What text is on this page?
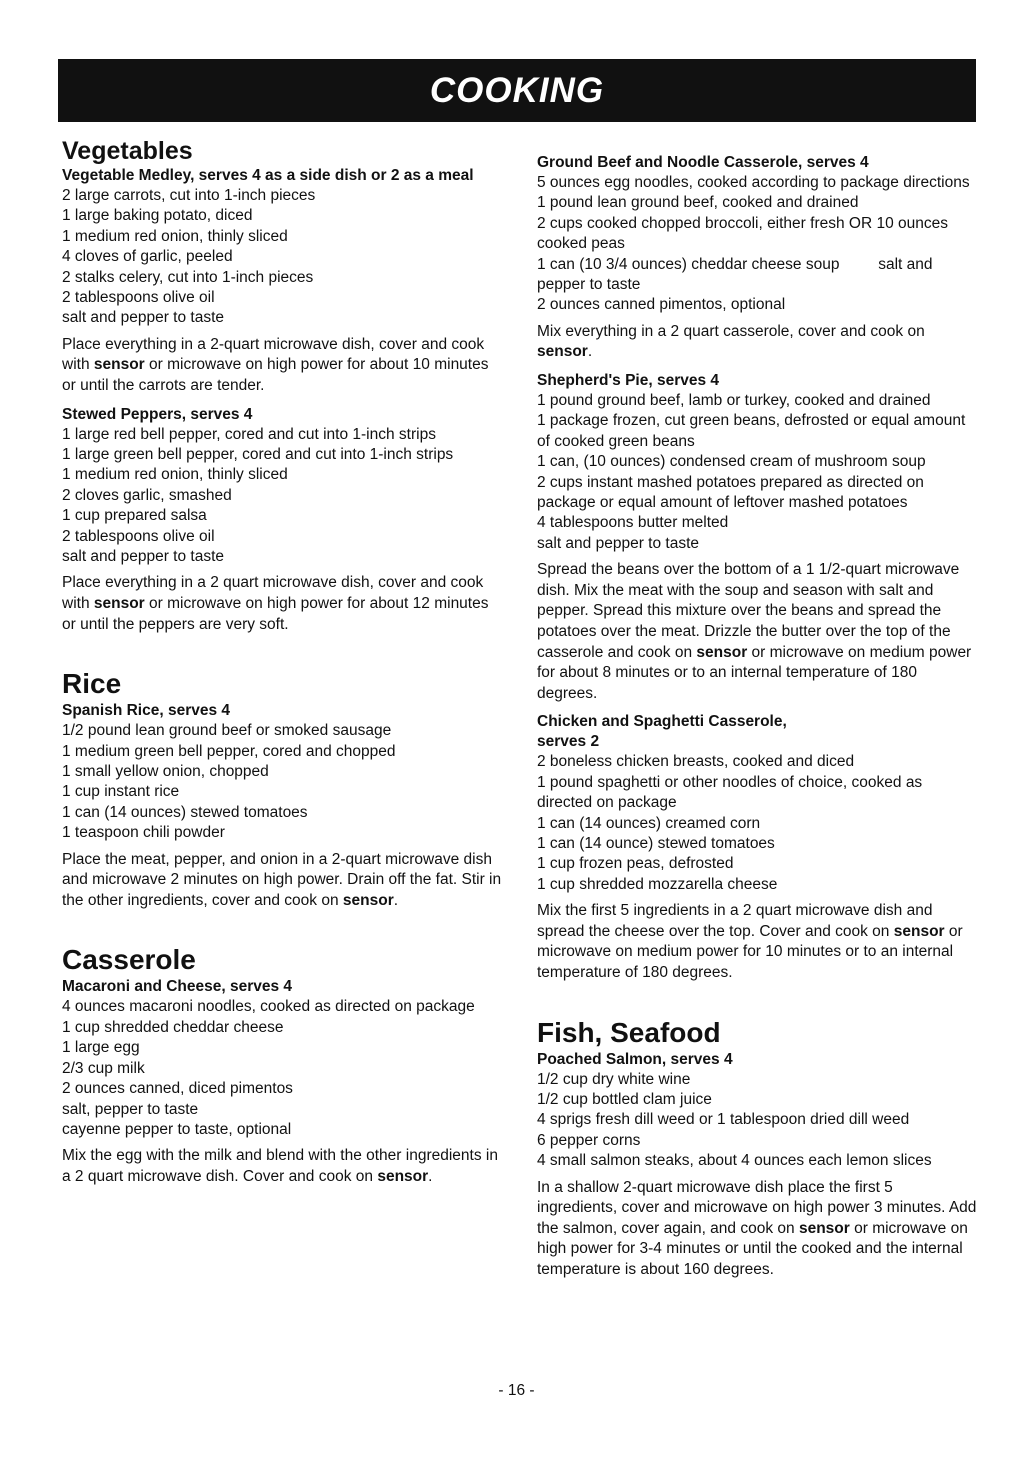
COOKING
Vegetables

Vegetable Medley, serves 4 as a side dish or 2 as a meal

2 large carrots, cut into 1-inch pieces

1 large baking potato, diced

1 medium red onion, thinly sliced

4 cloves of garlic, peeled

2 stalks celery, cut into 1-inch pieces

2 tablespoons olive oil

salt and pepper to taste

Place everything in a 2-quart microwave dish, cover and cook with sensor or microwave on high power for about 10 minutes or until the carrots are tender.

Stewed Peppers, serves 4

1 large red bell pepper, cored and cut into 1-inch strips

1 large green bell pepper, cored and cut into 1-inch strips

1 medium red onion, thinly sliced

2 cloves garlic, smashed

1 cup prepared salsa

2 tablespoons olive oil

salt and pepper to taste

Place everything in a 2 quart microwave dish, cover and cook with sensor or microwave on high power for about 12 minutes or until the peppers are very soft.

Rice

Spanish Rice, serves 4

1/2 pound lean ground beef or smoked sausage

1 medium green bell pepper, cored and chopped

1 small yellow onion, chopped

1 cup instant rice

1 can (14 ounces) stewed tomatoes

1 teaspoon chili powder

Place the meat, pepper, and onion in a 2-quart microwave dish and microwave 2 minutes on high power. Drain off the fat. Stir in the other ingredients, cover and cook on sensor.

Casserole

Macaroni and Cheese, serves 4

4 ounces macaroni noodles, cooked as directed on package

1 cup shredded cheddar cheese

1 large egg

2/3 cup milk

2 ounces canned, diced pimentos

salt, pepper to taste

cayenne pepper to taste, optional

Mix the egg with the milk and blend with the other ingredients in a 2 quart microwave dish. Cover and cook on sensor.

Ground Beef and Noodle Casserole, serves 4

5 ounces egg noodles, cooked according to package directions

1 pound lean ground beef, cooked and drained

2 cups cooked chopped broccoli, either fresh OR 10 ounces cooked peas

1 can (10 3/4 ounces) cheddar cheese soup         salt and pepper to taste

2 ounces canned pimentos, optional

Mix everything in a 2 quart casserole, cover and cook on sensor.

Shepherd's Pie, serves 4

1 pound ground beef, lamb or turkey, cooked and drained

1 package frozen, cut green beans, defrosted or equal amount of cooked green beans

1 can, (10 ounces) condensed cream of mushroom soup

2 cups instant mashed potatoes prepared as directed on package or equal amount of leftover mashed potatoes

4 tablespoons butter melted

salt and pepper to taste

Spread the beans over the bottom of a 1 1/2-quart microwave dish. Mix the meat with the soup and season with salt and pepper. Spread this mixture over the beans and spread the potatoes over the meat. Drizzle the butter over the top of the casserole and cook on sensor or microwave on medium power for about 8 minutes or to an internal temperature of 180 degrees.

Chicken and Spaghetti Casserole,

serves 2

2 boneless chicken breasts, cooked and diced

1 pound spaghetti or other noodles of choice, cooked as directed on package

1 can (14 ounces) creamed corn

1 can (14 ounce) stewed tomatoes

1 cup frozen peas, defrosted

1 cup shredded mozzarella cheese

Mix the first 5 ingredients in a 2 quart microwave dish and spread the cheese over the top. Cover and cook on sensor or microwave on medium power for 10 minutes or to an internal temperature of 180 degrees.

Fish, Seafood

Poached Salmon, serves 4

1/2 cup dry white wine

1/2 cup bottled clam juice

4 sprigs fresh dill weed or 1 tablespoon dried dill weed

6 pepper corns

4 small salmon steaks, about 4 ounces each lemon slices

In a shallow 2-quart microwave dish place the first 5 ingredients, cover and microwave on high power 3 minutes. Add the salmon, cover again, and cook on sensor or microwave on high power for 3-4 minutes or until the cooked and the internal temperature is about 160 degrees.

- 16 -
